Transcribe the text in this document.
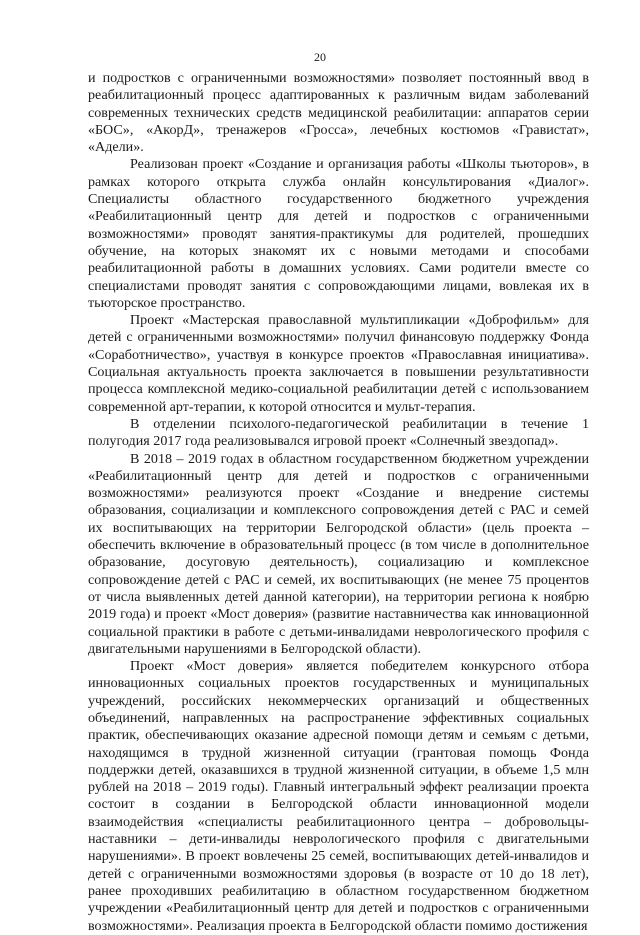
20

и подростков с ограниченными возможностями» позволяет постоянный ввод в реабилитационный процесс адаптированных к различным видам заболеваний современных технических средств медицинской реабилитации: аппаратов серии «БОС», «АкорД», тренажеров «Гросса», лечебных костюмов «Гравистат», «Адели».

Реализован проект «Создание и организация работы «Школы тьюторов», в рамках которого открыта служба онлайн консультирования «Диалог». Специалисты областного государственного бюджетного учреждения «Реабилитационный центр для детей и подростков с ограниченными возможностями» проводят занятия-практикумы для родителей, прошедших обучение, на которых знакомят их с новыми методами и способами реабилитационной работы в домашних условиях. Сами родители вместе со специалистами проводят занятия с сопровождающими лицами, вовлекая их в тьюторское пространство.

Проект «Мастерская православной мультипликации «Доброфильм» для детей с ограниченными возможностями» получил финансовую поддержку Фонда «Соработничество», участвуя в конкурсе проектов «Православная инициатива». Социальная актуальность проекта заключается в повышении результативности процесса комплексной медико-социальной реабилитации детей с использованием современной арт-терапии, к которой относится и мульт-терапия.

В отделении психолого-педагогической реабилитации в течение 1 полугодия 2017 года реализовывался игровой проект «Солнечный звездопад».

В 2018 – 2019 годах в областном государственном бюджетном учреждении «Реабилитационный центр для детей и подростков с ограниченными возможностями» реализуются проект «Создание и внедрение системы образования, социализации и комплексного сопровождения детей с РАС и семей их воспитывающих на территории Белгородской области» (цель проекта – обеспечить включение в образовательный процесс (в том числе в дополнительное образование, досуговую деятельность), социализацию и комплексное сопровождение детей с РАС и семей, их воспитывающих (не менее 75 процентов от числа выявленных детей данной категории), на территории региона к ноябрю 2019 года) и проект «Мост доверия» (развитие наставничества как инновационной социальной практики в работе с детьми-инвалидами неврологического профиля с двигательными нарушениями в Белгородской области).

Проект «Мост доверия» является победителем конкурсного отбора инновационных социальных проектов государственных и муниципальных учреждений, российских некоммерческих организаций и общественных объединений, направленных на распространение эффективных социальных практик, обеспечивающих оказание адресной помощи детям и семьям с детьми, находящимся в трудной жизненной ситуации (грантовая помощь Фонда поддержки детей, оказавшихся в трудной жизненной ситуации, в объеме 1,5 млн рублей на 2018 – 2019 годы). Главный интегральный эффект реализации проекта состоит в создании в Белгородской области инновационной модели взаимодействия «специалисты реабилитационного центра – добровольцы-наставники – дети-инвалиды неврологического профиля с двигательными нарушениями». В проект вовлечены 25 семей, воспитывающих детей-инвалидов и детей с ограниченными возможностями здоровья (в возрасте от 10 до 18 лет), ранее проходивших реабилитацию в областном государственном бюджетном учреждении «Реабилитационный центр для детей и подростков с ограниченными возможностями». Реализация проекта в Белгородской области помимо достижения
